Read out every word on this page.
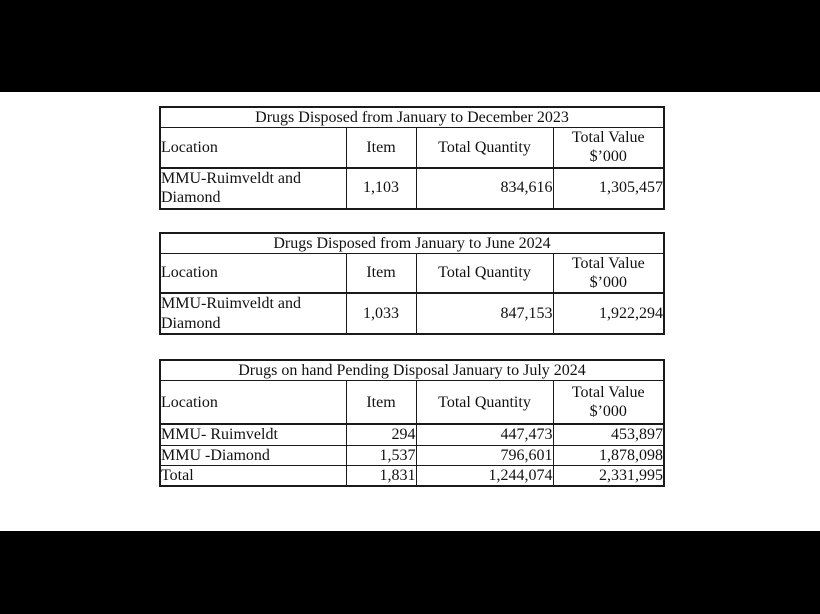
Drugs Disposed from January to December 2023			
Location	Item	Total Quantity	Total Value
$’000

MMU-Ruimveldt and
Diamond	1,103	834,616	1,305,457
Drugs Disposed from January to June 2024			
Location	Item	Total Quantity	Total Value
$’000

MMU-Ruimveldt and
Diamond	1,033	847,153	1,922,294
Drugs on hand Pending Disposal January to July 2024			
Location	Item	Total Quantity	Total Value
$’000

MMU- Ruimveldt	294	447,473	453,897
MMU -Diamond	1,537	796,601	1,878,098
Total	1,831	1,244,074	2,331,995
